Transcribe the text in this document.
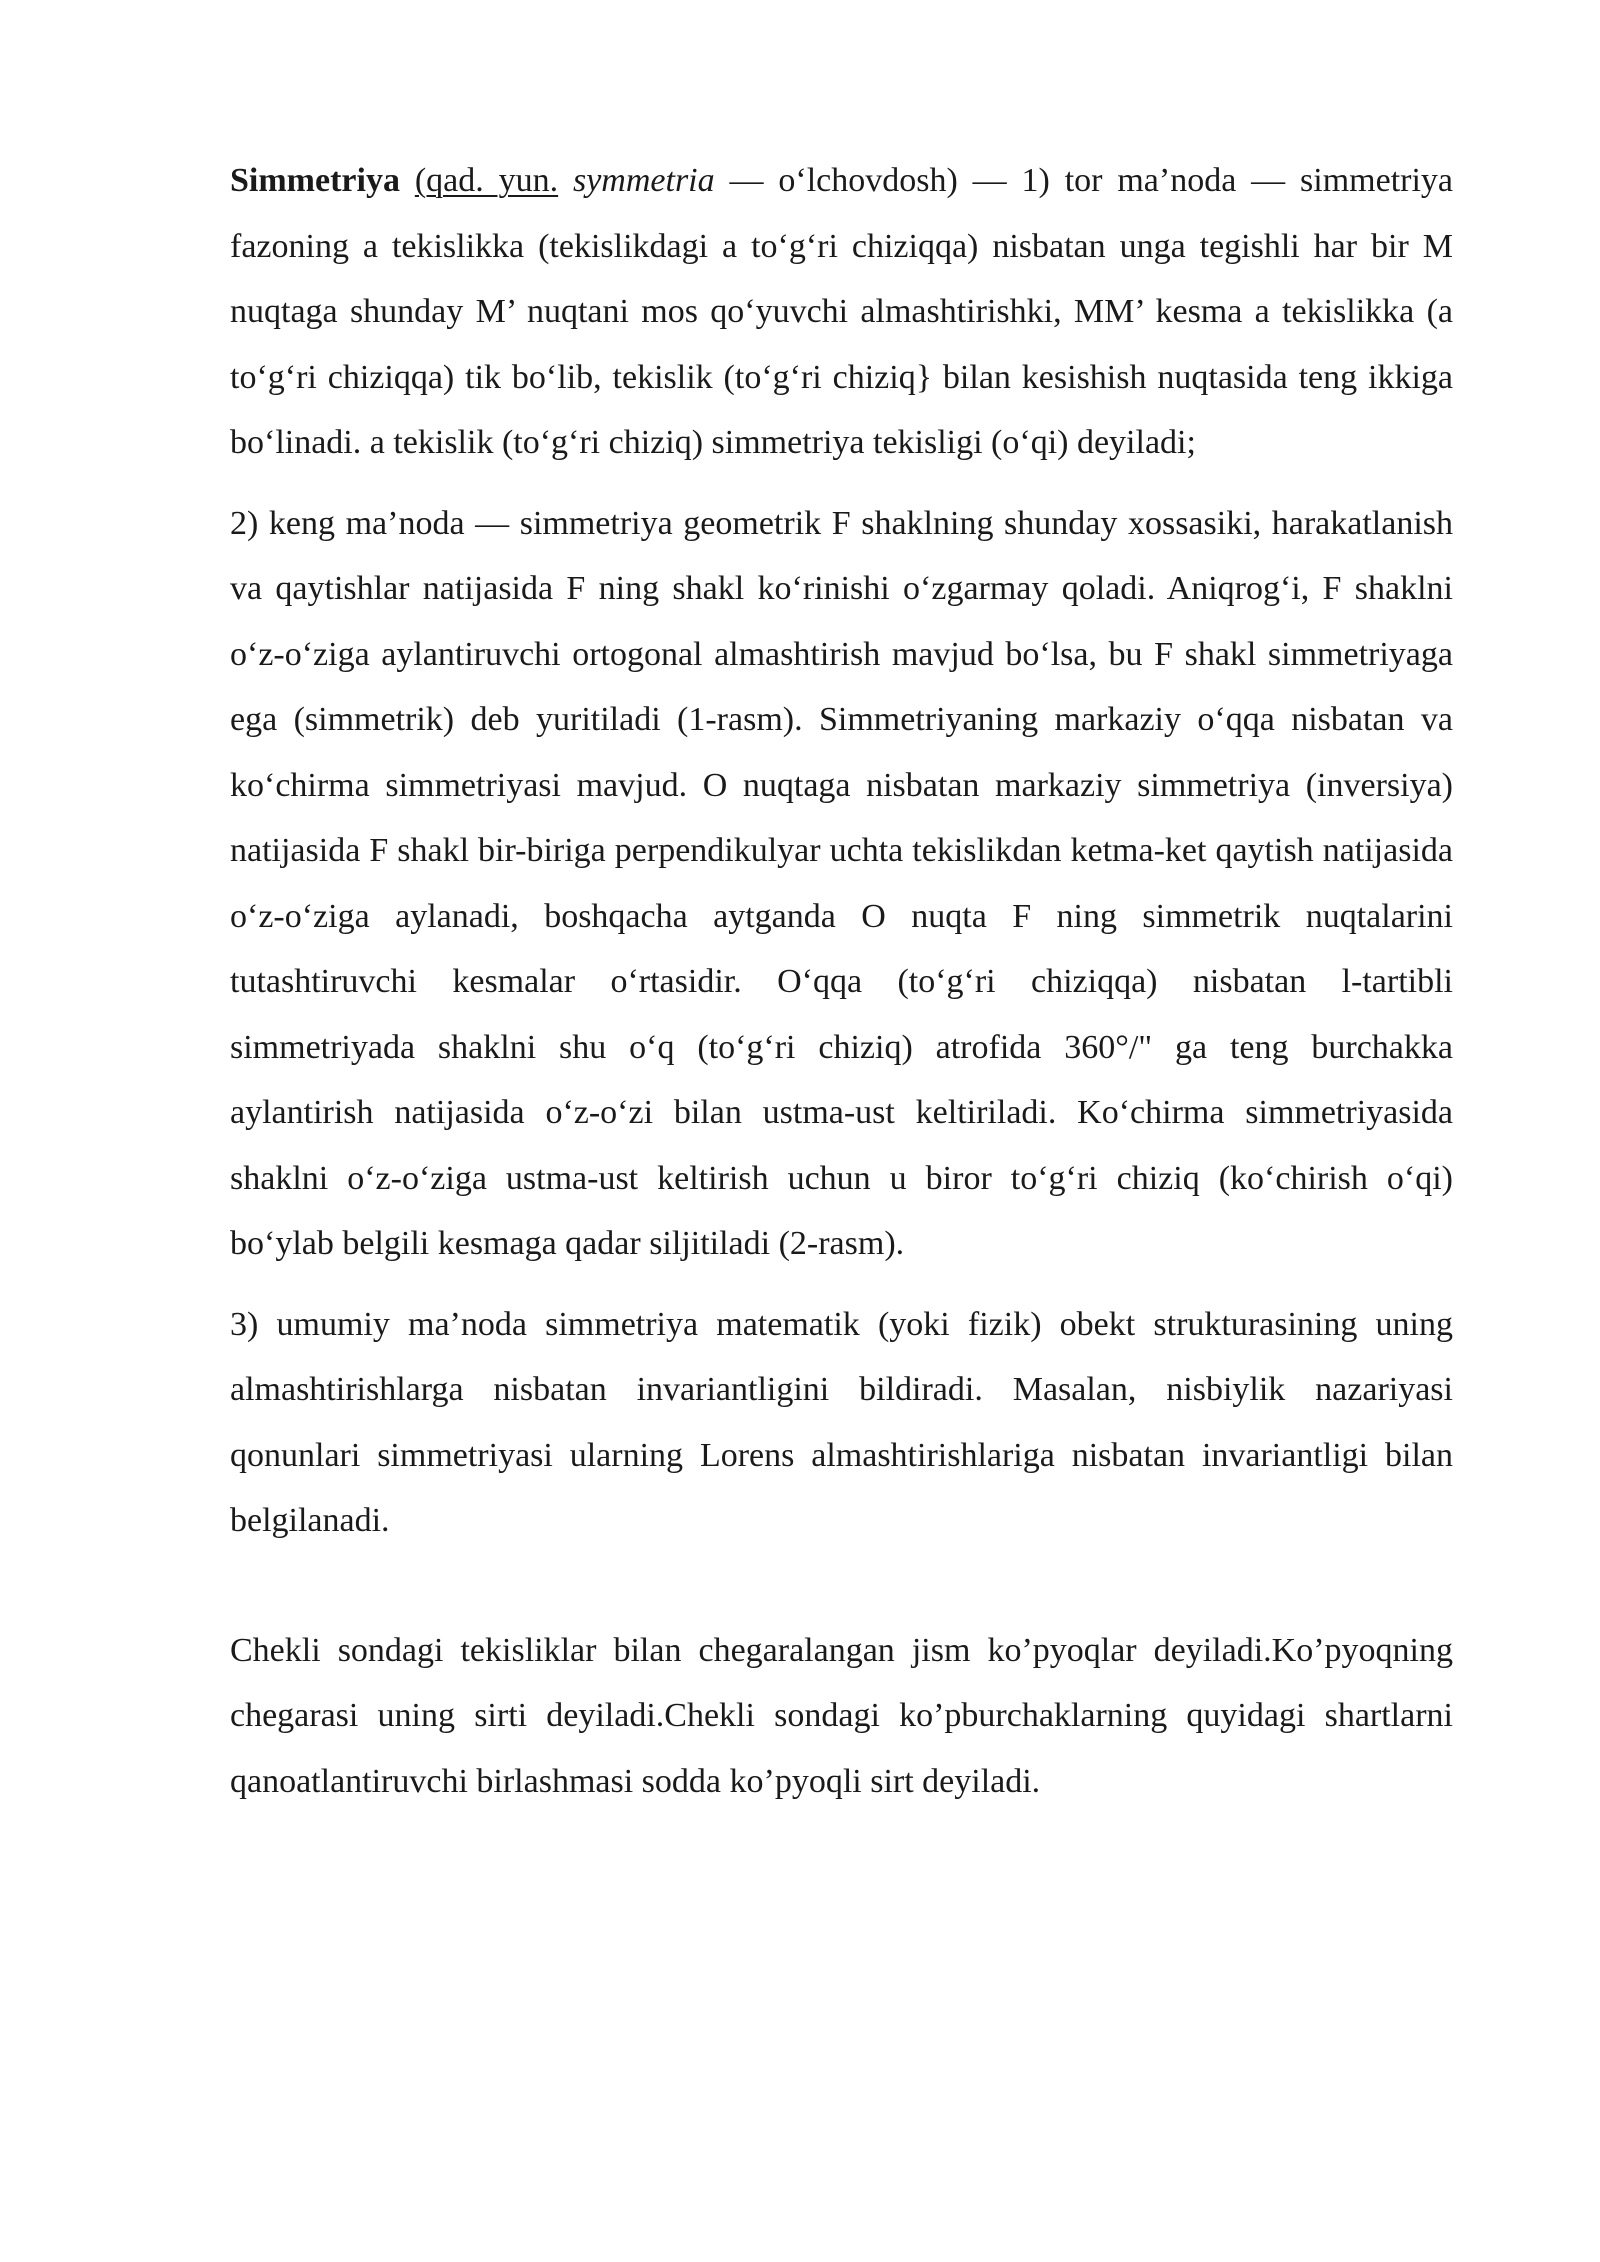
Simmetriya (qad. yun. symmetria — o‘lchovdosh) — 1) tor ma’noda — simmetriya fazoning a tekislikka (tekislikdagi a to‘g‘ri chiziqqa) nisbatan unga tegishli har bir M nuqtaga shunday M’ nuqtani mos qo‘yuvchi almashtirishki, MM’ kesma a tekislikka (a to‘g‘ri chiziqqa) tik bo‘lib, tekislik (to‘g‘ri chiziq} bilan kesishish nuqtasida teng ikkiga bo‘linadi. a tekislik (to‘g‘ri chiziq) simmetriya tekisligi (o‘qi) deyiladi;

2) keng ma’noda — simmetriya geometrik F shaklning shunday xossasiki, harakatlanish va qaytishlar natijasida F ning shakl ko‘rinishi o‘zgarmay qoladi. Aniqrog‘i, F shaklni o‘z-o‘ziga aylantiruvchi ortogonal almashtirish mavjud bo‘lsa, bu F shakl simmetriyaga ega (simmetrik) deb yuritiladi (1-rasm). Simmetriyaning markaziy o‘qqa nisbatan va ko‘chirma simmetriyasi mavjud. O nuqtaga nisbatan markaziy simmetriya (inversiya) natijasida F shakl bir-biriga perpendikulyar uchta tekislikdan ketma-ket qaytish natijasida o‘z-o‘ziga aylanadi, boshqacha aytganda O nuqta F ning simmetrik nuqtalarini tutashtiruvchi kesmalar o‘rtasidir. O‘qqa (to‘g‘ri chiziqqa) nisbatan l-tartibli simmetriyada shaklni shu o‘q (to‘g‘ri chiziq) atrofida 360°/" ga teng burchakka aylantirish natijasida o‘z-o‘zi bilan ustma-ust keltiriladi. Ko‘chirma simmetriyasida shaklni o‘z-o‘ziga ustma-ust keltirish uchun u biror to‘g‘ri chiziq (ko‘chirish o‘qi) bo‘ylab belgili kesmaga qadar siljitiladi (2-rasm).

3) umumiy ma’noda simmetriya matematik (yoki fizik) obekt strukturasining uning almashtirishlarga nisbatan invariantligini bildiradi. Masalan, nisbiylik nazariyasi qonunlari simmetriyasi ularning Lorens almashtirishlariga nisbatan invariantligi bilan belgilanadi.

Chekli sondagi tekisliklar bilan chegaralangan jism ko’pyoqlar deyiladi.Ko’pyoqning chegarasi uning sirti deyiladi.Chekli sondagi ko’pburchaklarning quyidagi shartlarni qanoatlantiruvchi birlashmasi sodda ko’pyoqli sirt deyiladi.
